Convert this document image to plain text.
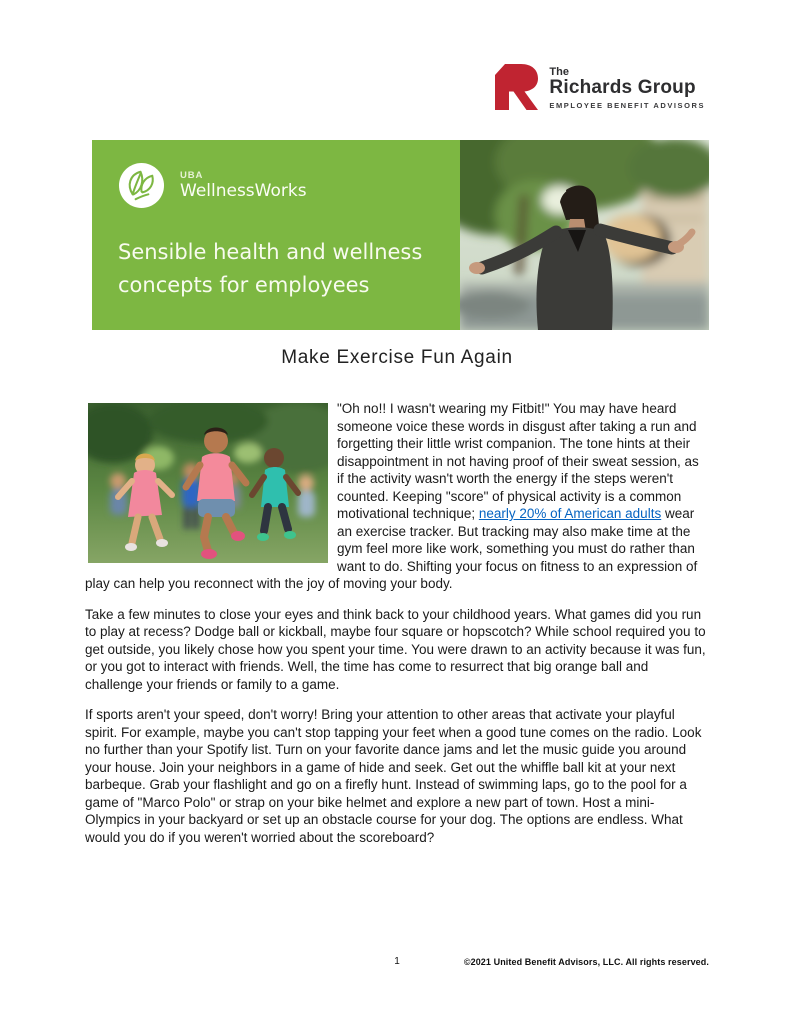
The
Richards Group
EMPLOYEE BENEFIT ADVISORS
UBA
WellnessWorks
Sensible health and wellness
concepts for employees
Make Exercise Fun Again

"Oh no!! I wasn't wearing my Fitbit!" You may have heard someone voice these words in disgust after taking a run and forgetting their little wrist companion. The tone hints at their disappointment in not having proof of their sweat session, as if the activity wasn't worth the energy if the steps weren't counted. Keeping "score" of physical activity is a common motivational technique; nearly 20% of American adults wear an exercise tracker. But tracking may also make time at the gym feel more like work, something you must do rather than want to do. Shifting your focus on fitness to an expression of play can help you reconnect with the joy of moving your body.

Take a few minutes to close your eyes and think back to your childhood years. What games did you run to play at recess? Dodge ball or kickball, maybe four square or hopscotch? While school required you to get outside, you likely chose how you spent your time. You were drawn to an activity because it was fun, or you got to interact with friends. Well, the time has come to resurrect that big orange ball and challenge your friends or family to a game.

If sports aren't your speed, don't worry! Bring your attention to other areas that activate your playful spirit. For example, maybe you can't stop tapping your feet when a good tune comes on the radio. Look no further than your Spotify list. Turn on your favorite dance jams and let the music guide you around your house. Join your neighbors in a game of hide and seek. Get out the whiffle ball kit at your next barbeque. Grab your flashlight and go on a firefly hunt. Instead of swimming laps, go to the pool for a game of "Marco Polo" or strap on your bike helmet and explore a new part of town. Host a mini-Olympics in your backyard or set up an obstacle course for your dog. The options are endless. What would you do if you weren't worried about the scoreboard?

1	©2021 United Benefit Advisors, LLC. All rights reserved.
